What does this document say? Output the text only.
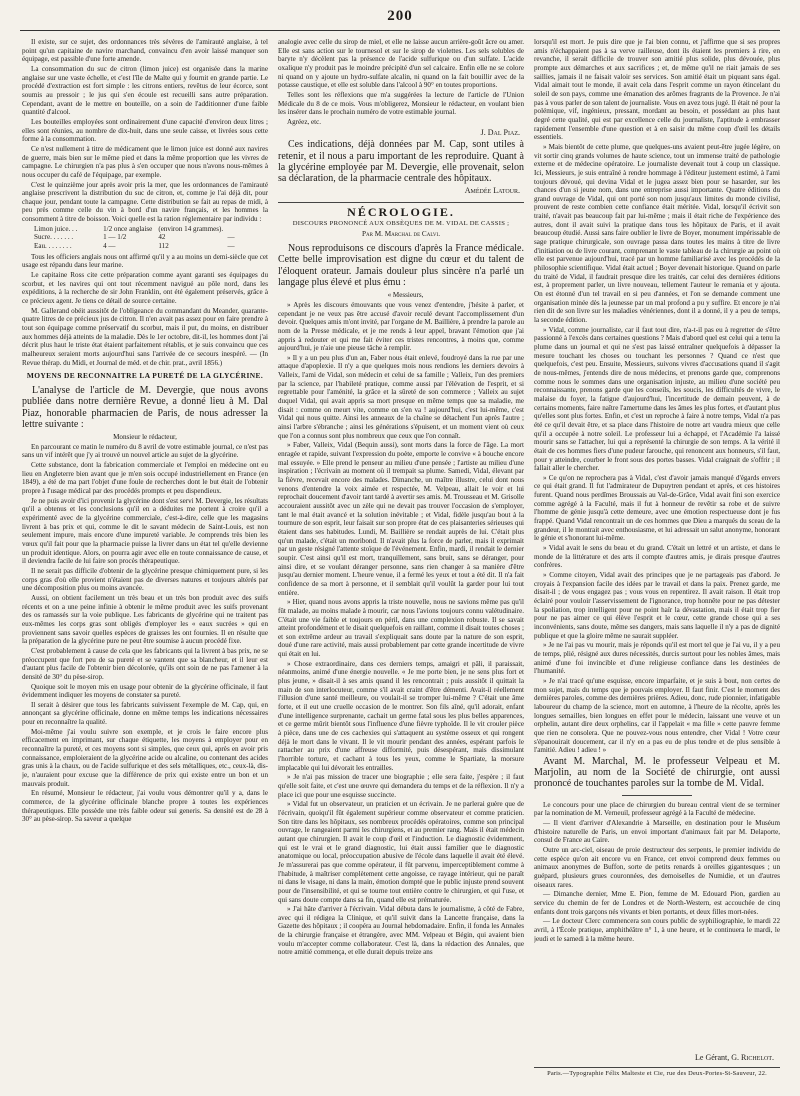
200

Il existe, sur ce sujet, des ordonnances très sévères de l'amirauté anglaise, à tel point qu'un capitaine de navire marchand, convaincu d'en avoir laissé manquer son équipage, est passible d'une forte amende.

La consommation du suc de citron (limon juice) est organisée dans la marine anglaise sur une vaste échelle, et c'est l'île de Malte qui y fournit en grande partie. Le procédé d'extraction est fort simple : les citrons entiers, revêtus de leur écorce, sont soumis au pressoir ; le jus qui s'en écoule est recueilli sans autre préparation. Cependant, avant de le mettre en bouteille, on a soin de l'additionner d'une faible quantité d'alcool.

Les bouteilles employées sont ordinairement d'une capacité d'environ deux litres ; elles sont réunies, au nombre de dix-huit, dans une seule caisse, et livrées sous cette forme à la consommation.

Ce n'est nullement à titre de médicament que le limon juice est donné aux navires de guerre, mais bien sur le même pied et dans la même proportion que les vivres de campagne. Le chirurgien n'a pas plus à s'en occuper que nous n'avons nous-mêmes à nous occuper du café de l'équipage, par exemple.

C'est le quinzième jour après avoir pris la mer, que les ordonnances de l'amirauté anglaise prescrivent la distribution du suc de citron, et, comme je l'ai déjà dit, pour chaque jour, pendant toute la campagne. Cette distribution se fait au repas de midi, à peu près comme celle du vin à bord d'un navire français, et les hommes la consomment à titre de boisson. Voici quelle est la ration réglementaire par individu :

Limon juice. . .	1/2 once anglaise (environ 14 grammes).
Sucre. . . . . . .	1 — 1/2	42	—
Eau. . . . . . . .	4 —	112	—

Tous les officiers anglais nous ont affirmé qu'il y a au moins un demi-siècle que cet usage est répandu dans leur marine.

Le capitaine Ross cite cette préparation comme ayant garanti ses équipages du scorbut, et les navires qui ont tout récemment navigué au pôle nord, dans les expéditions, à la recherche de sir John Franklin, ont été également préservés, grâce à ce précieux agent. Je tiens ce détail de source certaine.

M. Gallerand obéit aussitôt de l'obligeance du commandant du Meander, quarante-quatre litres de ce précieux jus de citron. Il n'en avait pas assez pour en faire prendre à tout son équipage comme préservatif du scorbut, mais il put, du moins, en distribuer aux hommes déjà atteints de la maladie. Dès le 1er octobre, dit-il, les hommes dont j'ai décrit plus haut le triste état étaient parfaitement rétablis, et je suis convaincu que ces malheureux seraient morts aujourd'hui sans l'arrivée de ce secours inespéré. — (In Revue thérap. du Midi, et Journal de méd. et de chir. prat., avril 1856.)

MOYENS DE RECONNAITRE LA PURETÉ DE LA GLYCÉRINE.
L'analyse de l'article de M. Devergie, que nous avons publiée dans notre dernière Revue, a donné lieu à M. Dal Piaz, honorable pharmacien de Paris, de nous adresser la lettre suivante :
Monsieur le rédacteur,

En parcourant ce matin le numéro du 8 avril de votre estimable journal, ce n'est pas sans un vif intérêt que j'y ai trouvé un nouvel article au sujet de la glycérine.

Cette substance, dont la fabrication commerciale et l'emploi en médecine ont eu lieu en Angleterre bien avant que je m'en sois occupé industriellement en France (en 1849), a été de ma part l'objet d'une foule de recherches dont le but était de l'obtenir propre à l'usage médical par des procédés prompts et peu dispendieux.

Je ne puis avoir d'ici provenir la glycérine dont s'est servi M. Devergie, les résultats qu'il a obtenus et les conclusions qu'il en a déduites me portent à croire qu'il a expérimenté avec de la glycérine commerciale, c'est-à-dire, celle que les magasins livrent à bas prix et qui, comme le dit le savant médecin de Saint-Louis, est non seulement impure, mais encore d'une impureté variable. Je comprends très bien les vœux qu'il fait pour que la pharmacie puisse la livrer dans un état tel qu'elle devienne un produit identique. Alors, on pourra agir avec elle en toute connaissance de cause, et il deviendra facile de lui faire son procès thérapeutique.

Il ne serait pas difficile d'obtenir de la glycérine presque chimiquement pure, si les corps gras d'où elle provient n'étaient pas de diverses natures et toujours altérés par une décomposition plus ou moins avancée.

Aussi, on obtient facilement un très beau et un très bon produit avec des suifs récents et on a une peine infinie à obtenir le même produit avec les suifs provenant des os ramassés sur la voie publique. Les fabricants de glycérine qui ne traitent pas eux-mêmes les corps gras sont obligés d'employer les « eaux sucrées » qui en proviennent sans savoir quelles espèces de graisses les ont fournies. Il en résulte que la préparation de la glycérine pure ne peut être soumise à aucun procédé fixe.

C'est probablement à cause de cela que les fabricants qui la livrent à bas prix, ne se préoccupent que fort peu de sa pureté et se vantent que sa blancheur, et il leur est d'autant plus facile de l'obtenir bien décolorée, qu'ils ont soin de ne pas l'amener à la densité de 30° du pèse-sirop.

Quoique soit le moyen mis en usage pour obtenir de la glycérine officinale, il faut évidemment indiquer les moyens de constater sa pureté.

Il serait à désirer que tous les fabricants suivissent l'exemple de M. Cap, qui, en annonçant sa glycérine officinale, donne en même temps les indications nécessaires pour en reconnaître la qualité.

Moi-même j'ai voulu suivre son exemple, et je crois le faire encore plus efficacement en imprimant, sur chaque étiquette, les moyens à employer pour en reconnaître la pureté, et ces moyens sont si simples, que ceux qui, après en avoir pris connaissance, emploieraient de la glycérine acide ou alcaline, ou contenant des acides gras unis à la chaux, ou de l'acide sulfurique et des sels métalliques, etc., ceux-là, dis-je, n'auraient pour excuse que la différence de prix qui existe entre un bon et un mauvais produit.

En résumé, Monsieur le rédacteur, j'ai voulu vous démontrer qu'il y a, dans le commerce, de la glycérine officinale blanche propre à toutes les expériences thérapeutiques. Elle possède une très faible odeur sui generis. Sa densité est de 28 à 30° au pèse-sirop. Sa saveur a quelque

analogie avec celle du sirop de miel, et elle ne laisse aucun arrière-goût âcre ou amer. Elle est sans action sur le tournesol et sur le sirop de violettes. Les sels solubles de baryte n'y décèlent pas la présence de l'acide sulfurique ou d'un sulfate. L'acide oxalique n'y produit pas le moindre précipité d'un sel calcaire. Enfin elle ne se colore ni quand on y ajoute un hydro-sulfate alcalin, ni quand on la fait bouillir avec de la potasse caustique, et elle est soluble dans l'alcool à 90° en toutes proportions.

Telles sont les réflexions que m'a suggérées la lecture de l'article de l'Union Médicale du 8 de ce mois. Vous m'obligerez, Monsieur le rédacteur, en voulant bien les insérer dans le prochain numéro de votre estimable journal.

Agréez, etc.

J. Dal Piaz.
Ces indications, déjà données par M. Cap, sont utiles à retenir, et il nous a paru important de les reproduire. Quant à la glycérine employée par M. Devergie, elle provenait, selon sa déclaration, de la pharmacie centrale des hôpitaux.
Amédée Latour.
NÉCROLOGIE.
DISCOURS PRONONCÉ AUX OBSÈQUES DE M. VIDAL DE CASSIS ;
Par M. Marchal de Calvi.
Nous reproduisons ce discours d'après la France médicale. Cette belle improvisation est digne du cœur et du talent de l'éloquent orateur. Jamais douleur plus sincère n'a parlé un langage plus élevé et plus ému :

« Messieurs,

» Après les discours émouvants que vous venez d'entendre, j'hésite à parler, et cependant je ne veux pas être accusé d'avoir reculé devant l'accomplissement d'un devoir. Quelques amis m'ont invité, par l'organe de M. Baillière, à prendre la parole au nom de la Presse médicale, et je me rends à leur appel, bravant l'émotion que j'ai appris à redouter et qui me fait éviter ces tristes rencontres, à moins que, comme aujourd'hui, je n'aie une pieuse tâche à remplir.

» Il y a un peu plus d'un an, Faber nous était enlevé, foudroyé dans la rue par une attaque d'apoplexie. Il n'y a que quelques mois nous rendions les derniers devoirs à Valleix, l'ami de Vidal, son médecin et celui de sa famille ; Valleix, l'un des premiers par la science, par l'habileté pratique, comme aussi par l'élévation de l'esprit, et si regrettable pour l'aménité, la grâce et la sûreté de son commerce ; Valleix au sujet duquel Vidal, qui avait appris sa mort presque en même temps que sa maladie, me disait : comme on meurt vite, comme on s'en va ! aujourd'hui, c'est lui-même, c'est Vidal qui nous quitte. Ainsi les anneaux de la chaîne se détachent l'un après l'autre ; ainsi l'arbre s'ébranche ; ainsi les générations s'épuisent, et un moment vient où ceux que l'on a connus sont plus nombreux que ceux que l'on connaît.

» Faber, Valleix, Vidal (Bequin aussi), sont morts dans la force de l'âge. La mort enragée et rapide, suivant l'expression du poète, emporte le convive « à bouche encore mal essuyée. » Elle prend le penseur au milieu d'une pensée ; l'artiste au milieu d'une inspiration ; l'écrivain au moment où il trempait sa plume. Samedi, Vidal, élevant par la fièvre, recevait encore des malades. Dimanche, un maître illustre, celui dont nous venons d'entendre la voix aimée et respectée, M. Velpeau, allait le voir et lui reprochait doucement d'avoir tant tardé à avertir ses amis. M. Trousseau et M. Grisolle accouraient aussitôt avec un zèle qui ne devait pas trouver l'occasion de s'employer, tant le mal était avancé et la solution inévitable ; et Vidal, fidèle jusqu'au bout à la tournure de son esprit, leur faisait sur son propre état de ces plaisanteries sérieuses qui étaient dans ses habitudes. Lundi, M. Baillière se rendait auprès de lui. C'était plus qu'un malade, c'était un moribond. Il n'avait plus la force de parler, mais il exprimait par un geste résigné l'attente stoïque de l'événement. Enfin, mardi, il rendait le dernier soupir. C'est ainsi qu'il est mort, tranquillement, sans bruit, sans se déranger, pour ainsi dire, et se voulant déranger personne, sans rien changer à sa manière d'être jusqu'au dernier moment. L'heure venue, il a fermé les yeux et tout a été dit. Il n'a fait confidence de sa mort à personne, et il semblait qu'il voulût la garder pour lui tout entière.

» Hier, quand nous avons appris la triste nouvelle, nous ne savions même pas qu'il fût malade, au moins malade à mourir, car nous l'avions toujours connu valétudinaire. C'était une vie faible et toujours en péril, dans une complexion robuste. Il se savait atteint profondément et le disait quelquefois en raillant, comme il disait toutes choses ; et son extrême ardeur au travail s'expliquait sans doute par la nature de son esprit, doué d'une rare activité, mais aussi probablement par cette grande incertitude de vivre qui était en lui.

» Chose extraordinaire, dans ces derniers temps, amaigri et pâli, il paraissait, néanmoins, animé d'une énergie nouvelle. « Je me porte bien, je ne sens plus fort et plus jeune, » disait-il à ses amis quand il les rencontrait ; puis aussitôt il quittait la main de son interlocuteur, comme s'il avait craint d'être démenti. Avait-il réellement l'illusion d'une santé meilleure, ou voulait-il se tromper lui-même ? C'était une âme forte, et il eut une cruelle occasion de le montrer. Son fils aîné, qu'il adorait, enfant d'une intelligence surprenante, cachait un germe fatal sous les plus belles apparences, et ce germe mûrit bientôt sous l'influence d'une fièvre typhoïde. Il le vit crouler pièce à pièce, dans une de ces cachexies qui s'attaquent au système osseux et qui rongent déjà le mort dans le vivant. Il le vit mourir pendant des années, espérant parfois le rattacher au prix d'une affreuse difformité, puis désespérant, mais dissimulant l'horrible torture, et cachant à tous les yeux, comme le Spartiate, la morsure implacable qui lui dévorait les entrailles.

» Je n'ai pas mission de tracer une biographie ; elle sera faite, j'espère ; il faut qu'elle soit faite, et c'est une œuvre qui demandera du temps et de la réflexion. Il n'y a place ici que pour une esquisse succincte.

» Vidal fut un observateur, un praticien et un écrivain. Je ne parlerai guère que de l'écrivain, quoiqu'il fût également supérieur comme observateur et comme praticien. Son titre dans les hôpitaux, ses nombreux procédés opératoires, comme son principal ouvrage, le rangeaient parmi les chirurgiens, et au premier rang. Mais il était médecin autant que chirurgien. Il avait le coup d'œil et l'induction. Le diagnostic évidemment, qui est le vrai et le grand diagnostic, lui était aussi familier que le diagnostic anatomique ou local, préoccupation abusive de l'école dans laquelle il avait été élevé. Je m'assurerai pas que comme opérateur, il fût parvenu, imperceptiblement comme à l'habitude, à maîtriser complètement cette angoisse, ce rayage intérieur, qui ne paraît ni dans le visage, ni dans la main, émotion dompté que le public injuste prend souvent pour de l'insensibilité, et qui se tourne tout entière contre le chirurgien, et qui l'use, et qui sans doute compte dans sa fin, quand elle est prématurée.

» J'ai hâte d'arriver à l'écrivain. Vidal débuta dans le journalisme, à côté de Fabre, avec qui il rédigea la Clinique, et qu'il suivit dans la Lancette française, dans la Gazette des hôpitaux ; il coopéra au Journal hebdomadaire. Enfin, il fonda les Annales de la chirurgie française et étrangère, avec MM. Velpeau et Bégin, qui avaient bien voulu m'accepter comme collaborateur. C'est là, dans la rédaction des Annales, que notre amitié commença, et elle durait depuis treize ans

lorsqu'il est mort. Je puis dire que je l'ai bien connu, et j'affirme que si ses propres amis n'échappaient pas à sa verve railleuse, dont ils étaient les premiers à rire, en revanche, il serait difficile de trouver son amitié plus solide, plus dévouée, plus prompte aux démarches et aux sacrifices ; et, de même qu'il ne riait jamais de ses saillies, jamais il ne faisait valoir ses services. Son amitié était un piquant sans égal. Vidal aimait tout le monde, il avait cela dans l'esprit comme un rayon étincelant du soleil de son pays, comme une émanation des arômes fragrants de la Provence. Je n'ai pas à vous parler de son talent de journaliste. Vous en avez tous jugé. Il était né pour la polémique, vif, ingénieux, pressant, mordant au besoin, et possédant au plus haut degré cette qualité, qui est par excellence celle du journaliste, l'aptitude à embrasser rapidement l'ensemble d'une question et à en saisir du même coup d'œil les détails essentiels.

» Mais bientôt de cette plume, que quelques-uns avaient peut-être jugée légère, on vit sortir cinq grands volumes de haute science, tout un immense traité de pathologie externe et de médecine opératoire. Le journaliste devenait tout à coup un classique. Ici, Messieurs, je suis entraîné à rendre hommage à l'éditeur justement estimé, à l'ami toujours dévoué, qui devina Vidal et le jugea assez bien pour se hasarder, sur les chances d'un si jeune nom, dans une entreprise aussi importante. Quatre éditions du grand ouvrage de Vidal, qui ont porté son nom jusqu'aux limites du monde civilisé, prouvent de reste combien cette confiance était méritée. Vidal, lorsqu'il écrivit son traité, n'avait pas beaucoup fait par lui-même ; mais il était riche de l'expérience des autres, dont il avait suivi la pratique dans tous les hôpitaux de Paris, et il avait beaucoup étudié. Aussi sans faire oublier le livre de Boyer, monument impérissable de sage pratique chirurgicale, son ouvrage passa dans toutes les mains à titre de livre d'initiation ou de livre courant, comprenant le vaste tableau de la chirurgie au point où elle est parvenue aujourd'hui, tracé par un homme familiarisé avec les procédés de la philosophie scientifique. Vidal était actuel ; Boyer devenait historique. Quand on parle du traité de Vidal, il faudrait presque dire les traités, car celui des dernières éditions est, à proprement parler, un livre nouveau, tellement l'auteur le remania et y ajouta. On est étonné d'un tel travail en si peu d'années, et l'on se demande comment une organisation minée dès la jeunesse par un mal profond a pu y suffire. Et encore je n'ai rien dit de son livre sur les maladies vénériennes, dont il a donné, il y a peu de temps, la seconde édition.

» Vidal, comme journaliste, car il faut tout dire, n'a-t-il pas eu à regretter de s'être passionné à l'excès dans certaines questions ? Mais d'abord quel est celui qui a tenu la plume dans un journal et qui ne s'est pas laissé entraîner quelquefois à dépasser la mesure touchant les choses ou touchant les personnes ? Quand ce n'est que quelquefois, c'est peu. Ensuite, Messieurs, suivons vivres d'accusations quand il s'agit de nous-mêmes, j'entends dire de nous médecins, et prenons garde que, comprenons comme nous le sommes dans une organisation injuste, au milieu d'une société peu reconnaissante, prenons garde que les conseils, les soucis, les difficultés de vivre, le malaise du foyer, la fatigue d'aujourd'hui, l'incertitude de demain peuvent, à de certains moments, faire naître l'amertume dans les âmes les plus fortes, et d'autant plus qu'elles sont plus fortes. Enfin, et c'est un reproche à faire à notre temps, Vidal n'a pas été ce qu'il devait être, et sa place dans l'histoire de notre art vaudra mieux que celle qu'il a occupée à notre soleil. Le professeur lui a échappé, et l'Académie l'a laissé mourir sans se l'attacher, lui qui a représenté la chirurgie de son temps. A la vérité il était de ces hommes fiers d'une pudeur farouche, qui renoncent aux honneurs, s'il faut, pour y atteindre, courber le front sous des portes basses. Vidal craignait de s'offrir ; il fallait aller le chercher.

» Ce qu'on ne reprochera pas à Vidal, c'est d'avoir jamais manqué d'égards envers ce qui était grand. Il fut l'admirateur de Dupuytren pendant et après, et ces histoires furent. Quand nous perdîmes Broussais au Val-de-Grâce, Vidal avait fini son exercice comme agrégé à la Faculté, mais il fut à honneur de revêtir sa robe et de suivre l'homme de génie jusqu'à cette demeure, avec une émotion respectueuse dont je fus frappé. Quand Vidal rencontrait un de ces hommes que Dieu a marqués du sceau de la grandeur, il le montrait avec enthousiasme, et lui adressait un salut anonyme, honorant le génie et s'honorant lui-même.

» Vidal avait le sens du beau et du grand. C'était un lettré et un artiste, et dans le monde de la littérature et des arts il compte d'autres amis, je dirais presque d'autres confrères.

» Comme citoyen, Vidal avait des principes que je ne partageais pas d'abord. Je croyais à l'expansion facile des idées par le travail et dans la paix. Prenez garde, me disait-il ; de vous engagez pas ; vous vous en repentirez. Il avait raison. Il était trop éclairé pour vouloir l'asservissement de l'ignorance, trop honnête pour ne pas détester la spoliation, trop intelligent pour ne point haïr la dévastation, mais il était trop fier pour ne pas aimer ce qui élève l'esprit et le cœur, cette grande chose qui a ses inconvénients, sans doute, même ses dangers, mais sans laquelle il n'y a pas de dignité publique et que la gloire même ne saurait suppléer.

» Je ne l'ai pas vu mourir, mais je réponds qu'il est mort tel que je l'ai vu, il y a peu de temps, plié, résigné aux dures nécessités, durcis surtout pour les nobles âmes, mais animé d'une foi invincible et d'une religieuse confiance dans les destinées de l'humanité.

» Je n'ai tracé qu'une esquisse, encore imparfaite, et je suis à bout, non certes de mon sujet, mais du temps que je pouvais employer. Il faut finir. C'est le moment des dernières paroles, comme des dernières prières. Adieu, donc, rude pionnier, infatigable laboureur du champ de la science, mort en automne, à l'heure de la récolte, après les longues semailles, bien longues en effet pour le médecin, laissant une veuve et un orphelin, autant dire deux orphelins, car il l'appelait « ma fille » cette pauvre femme que rien ne consolera. Que ne pouvez-vous nous entendre, cher Vidal ! Votre cœur s'épanouirait doucement, car il n'y en a pas eu de plus tendre et de plus sensible à l'amitié. Adieu ! adieu ! »

Avant M. Marchal, M. le professeur Velpeau et M. Marjolin, au nom de la Société de chirurgie, ont aussi prononcé de touchantes paroles sur la tombe de M. Vidal.

Le concours pour une place de chirurgien du bureau central vient de se terminer par la nomination de M. Verneuil, professeur agrégé à la Faculté de médecine.

— Il vient d'arriver d'Alexandrie à Marseille, en destination pour le Muséum d'histoire naturelle de Paris, un envoi important d'animaux fait par M. Delaporte, consul de France au Caire.

Outre un arc-ciel, oiseau de proie destructeur des serpents, le premier individu de cette espèce qu'on ait encore vu en France, cet envoi comprend deux femmes ou animaux anonymes de Buffon, sorte de petits renards à oreilles gigantesques ; un guépard, plusieurs grues couronnées, des demoiselles de Numidie, et un d'autres oiseaux rares.

— Dimanche dernier, Mme E. Pion, femme de M. Edouard Pion, gardien au service du chemin de fer de Londres et de North-Western, est accouchée de cinq enfants dont trois garçons nés vivants et bien portants, et deux filles mort-nées.

— Le docteur Clerc commencera son cours public de syphiliographie, le mardi 22 avril, à l'École pratique, amphithéâtre n° 1, à une heure, et le continuera le mardi, le jeudi et le samedi à la même heure.

Le Gérant, G. Richelot.
Paris.—Typographie Félix Malteste et Cie, rue des Deux-Portes-St-Sauveur, 22.
